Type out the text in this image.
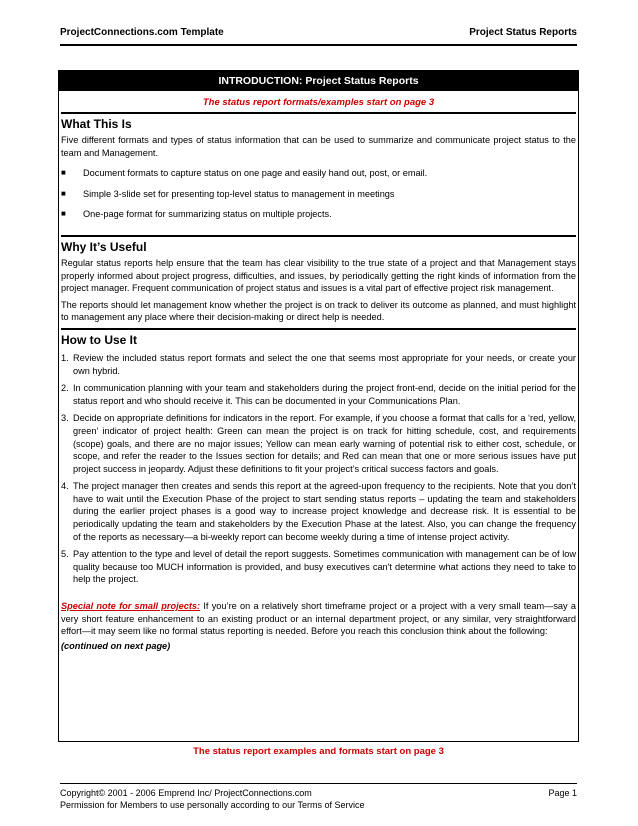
ProjectConnections.com Template	Project Status Reports
INTRODUCTION: Project Status Reports
The status report formats/examples start on page 3
What This Is

Five different formats and types of status information that can be used to summarize and communicate project status to the team and Management.

■ Document formats to capture status on one page and easily hand out, post, or email.
■ Simple 3-slide set for presenting top-level status to management in meetings
■ One-page format for summarizing status on multiple projects.
Why It’s Useful

Regular status reports help ensure that the team has clear visibility to the true state of a project and that Management stays properly informed about project progress, difficulties, and issues, by periodically getting the right kinds of information from the project manager. Frequent communication of project status and issues is a vital part of effective project risk management.

The reports should let management know whether the project is on track to deliver its outcome as planned, and must highlight to management any place where their decision-making or direct help is needed.

How to Use It
1. Review the included status report formats and select the one that seems most appropriate for your needs, or create your own hybrid.
2. In communication planning with your team and stakeholders during the project front-end, decide on the initial period for the status report and who should receive it. This can be documented in your Communications Plan.
3. Decide on appropriate definitions for indicators in the report. For example, if you choose a format that calls for a ‘red, yellow, green’ indicator of project health: Green can mean the project is on track for hitting schedule, cost, and requirements (scope) goals, and there are no major issues; Yellow can mean early warning of potential risk to either cost, schedule, or scope, and refer the reader to the Issues section for details; and Red can mean that one or more serious issues have put project success in jeopardy. Adjust these definitions to fit your project’s critical success factors and goals.
4. The project manager then creates and sends this report at the agreed-upon frequency to the recipients. Note that you don’t have to wait until the Execution Phase of the project to start sending status reports – updating the team and stakeholders during the earlier project phases is a good way to increase project knowledge and decrease risk. It is essential to be periodically updating the team and stakeholders by the Execution Phase at the latest. Also, you can change the frequency of the reports as necessary—a bi-weekly report can become weekly during a time of intense project activity.
5. Pay attention to the type and level of detail the report suggests. Sometimes communication with management can be of low quality because too MUCH information is provided, and busy executives can't determine what actions they need to take to help the project.

Special note for small projects: If you’re on a relatively short timeframe project or a project with a very small team—say a very short feature enhancement to an existing product or an internal department project, or any similar, very straightforward effort—it may seem like no formal status reporting is needed. Before you reach this conclusion think about the following:

(continued on next page)
The status report examples and formats start on page 3
Copyright© 2001 - 2006 Emprend Inc/ ProjectConnections.com
Permission for Members to use personally according to our Terms of Service
Page 1
